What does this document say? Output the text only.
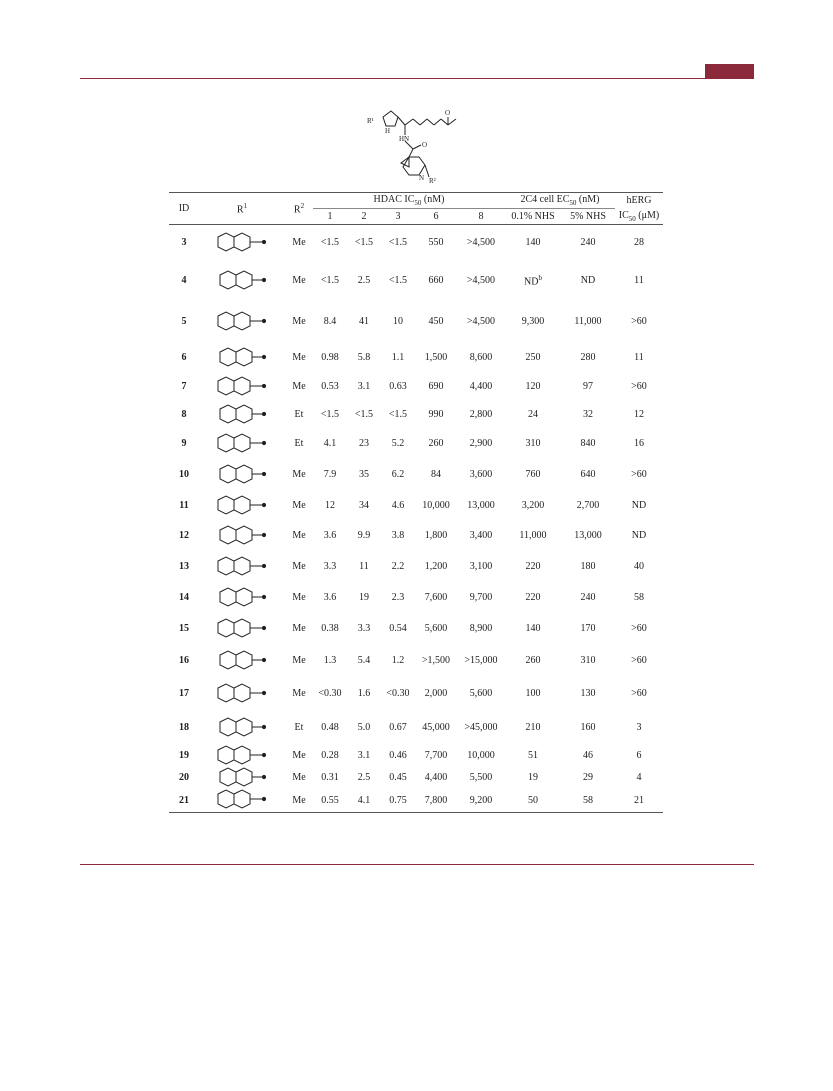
R¹
H
HN
O
O
N R²
ID	$R^1$	$R^2$	HDAC $IC_{50}$ (nM)					2C4 cell $EC_{50}$ (nM)		hERG
			1	2	3	6	8	0.1% NHS	5% NHS	$IC_{50}$ (μM)
3		Me	<1.5	<1.5	<1.5	550	>4,500	140	240	28
4		Me	<1.5	2.5	<1.5	660	>4,500	$ND^b$	ND	11
5		Me	8.4	41	10	450	>4,500	9,300	11,000	>60
6		Me	0.98	5.8	1.1	1,500	8,600	250	280	11
7		Me	0.53	3.1	0.63	690	4,400	120	97	>60
8		Et	<1.5	<1.5	<1.5	990	2,800	24	32	12
9		Et	4.1	23	5.2	260	2,900	310	840	16
10		Me	7.9	35	6.2	84	3,600	760	640	>60
11		Me	12	34	4.6	10,000	13,000	3,200	2,700	ND
12		Me	3.6	9.9	3.8	1,800	3,400	11,000	13,000	ND
13		Me	3.3	11	2.2	1,200	3,100	220	180	40
14		Me	3.6	19	2.3	7,600	9,700	220	240	58
15		Me	0.38	3.3	0.54	5,600	8,900	140	170	>60
16		Me	1.3	5.4	1.2	>1,500	>15,000	260	310	>60
17		Me	<0.30	1.6	<0.30	2,000	5,600	100	130	>60
18		Et	0.48	5.0	0.67	45,000	>45,000	210	160	3
19		Me	0.28	3.1	0.46	7,700	10,000	51	46	6
20		Me	0.31	2.5	0.45	4,400	5,500	19	29	4
21		Me	0.55	4.1	0.75	7,800	9,200	50	58	21
